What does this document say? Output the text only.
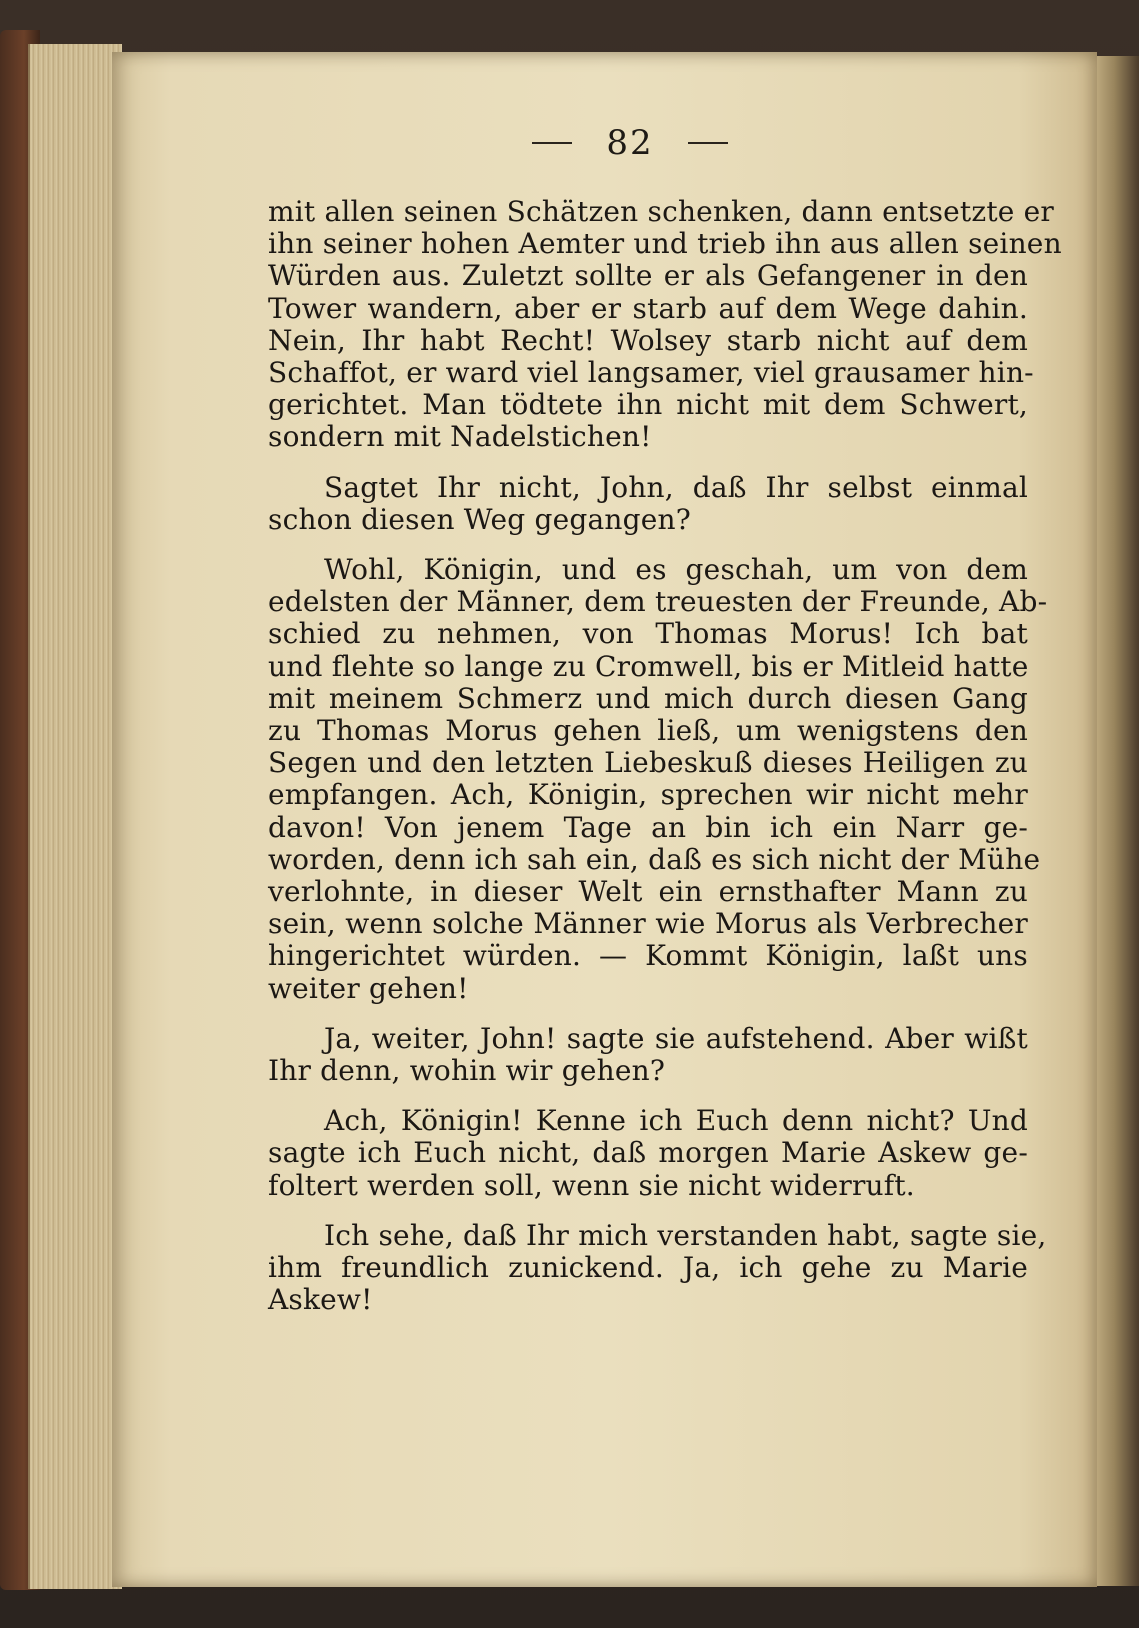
82

mit allen seinen Schätzen schenken, dann entsetzte er
ihn seiner hohen Aemter und trieb ihn aus allen seinen
Würden aus. Zuletzt sollte er als Gefangener in den
Tower wandern, aber er starb auf dem Wege dahin.
Nein, Ihr habt Recht! Wolsey starb nicht auf dem
Schaffot, er ward viel langsamer, viel grausamer hin-
gerichtet. Man tödtete ihn nicht mit dem Schwert,
sondern mit Nadelstichen!

Sagtet Ihr nicht, John, daß Ihr selbst einmal
schon diesen Weg gegangen?

Wohl, Königin, und es geschah, um von dem
edelsten der Männer, dem treuesten der Freunde, Ab-
schied zu nehmen, von Thomas Morus! Ich bat
und flehte so lange zu Cromwell, bis er Mitleid hatte
mit meinem Schmerz und mich durch diesen Gang
zu Thomas Morus gehen ließ, um wenigstens den
Segen und den letzten Liebeskuß dieses Heiligen zu
empfangen. Ach, Königin, sprechen wir nicht mehr
davon! Von jenem Tage an bin ich ein Narr ge-
worden, denn ich sah ein, daß es sich nicht der Mühe
verlohnte, in dieser Welt ein ernsthafter Mann zu
sein, wenn solche Männer wie Morus als Verbrecher
hingerichtet würden. — Kommt Königin, laßt uns
weiter gehen!

Ja, weiter, John! sagte sie aufstehend. Aber wißt
Ihr denn, wohin wir gehen?

Ach, Königin! Kenne ich Euch denn nicht? Und
sagte ich Euch nicht, daß morgen Marie Askew ge-
foltert werden soll, wenn sie nicht widerruft.

Ich sehe, daß Ihr mich verstanden habt, sagte sie,
ihm freundlich zunickend. Ja, ich gehe zu Marie
Askew!
